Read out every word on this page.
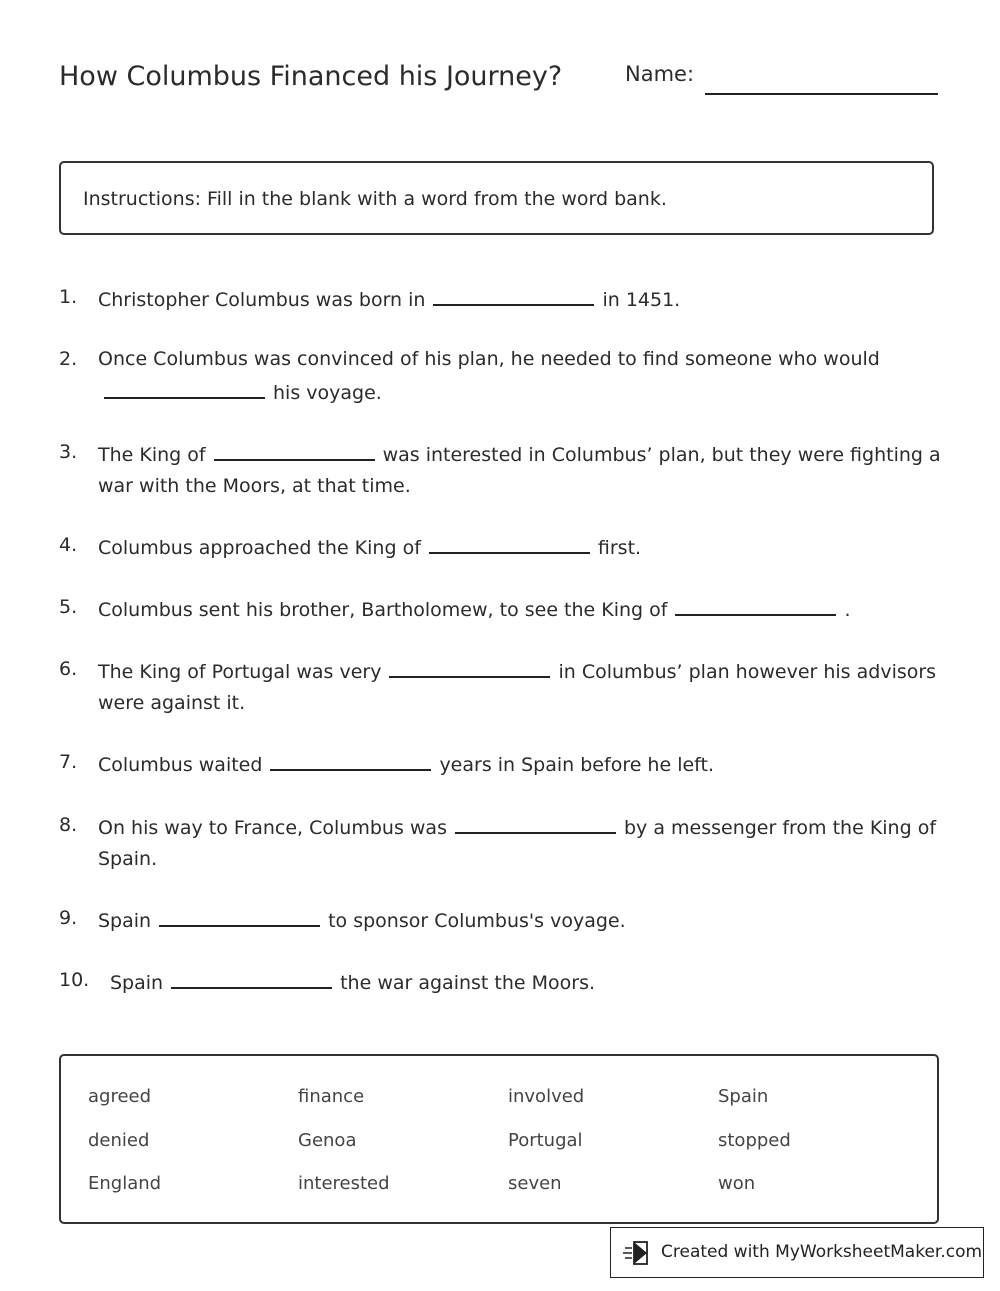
How Columbus Financed his Journey?	Name:
Instructions: Fill in the blank with a word from the word bank.
1. Christopher Columbus was born in	in 1451.
2. Once Columbus was convinced of his plan, he needed to find someone who would
his voyage.
3. The King of	was interested in Columbus’ plan, but they were fighting a war with the Moors, at that time.
4. Columbus approached the King of	first.
5. Columbus sent his brother, Bartholomew, to see the King of	.
6. The King of Portugal was very	in Columbus’ plan however his advisors were against it.
7. Columbus waited	years in Spain before he left.
8. On his way to France, Columbus was	by a messenger from the King of Spain.
9. Spain	to sponsor Columbus's voyage.
10. Spain	the war against the Moors.
agreed	finance	involved	Spain
denied	Genoa	Portugal	stopped
England	interested	seven	won
Created with MyWorksheetMaker.com
